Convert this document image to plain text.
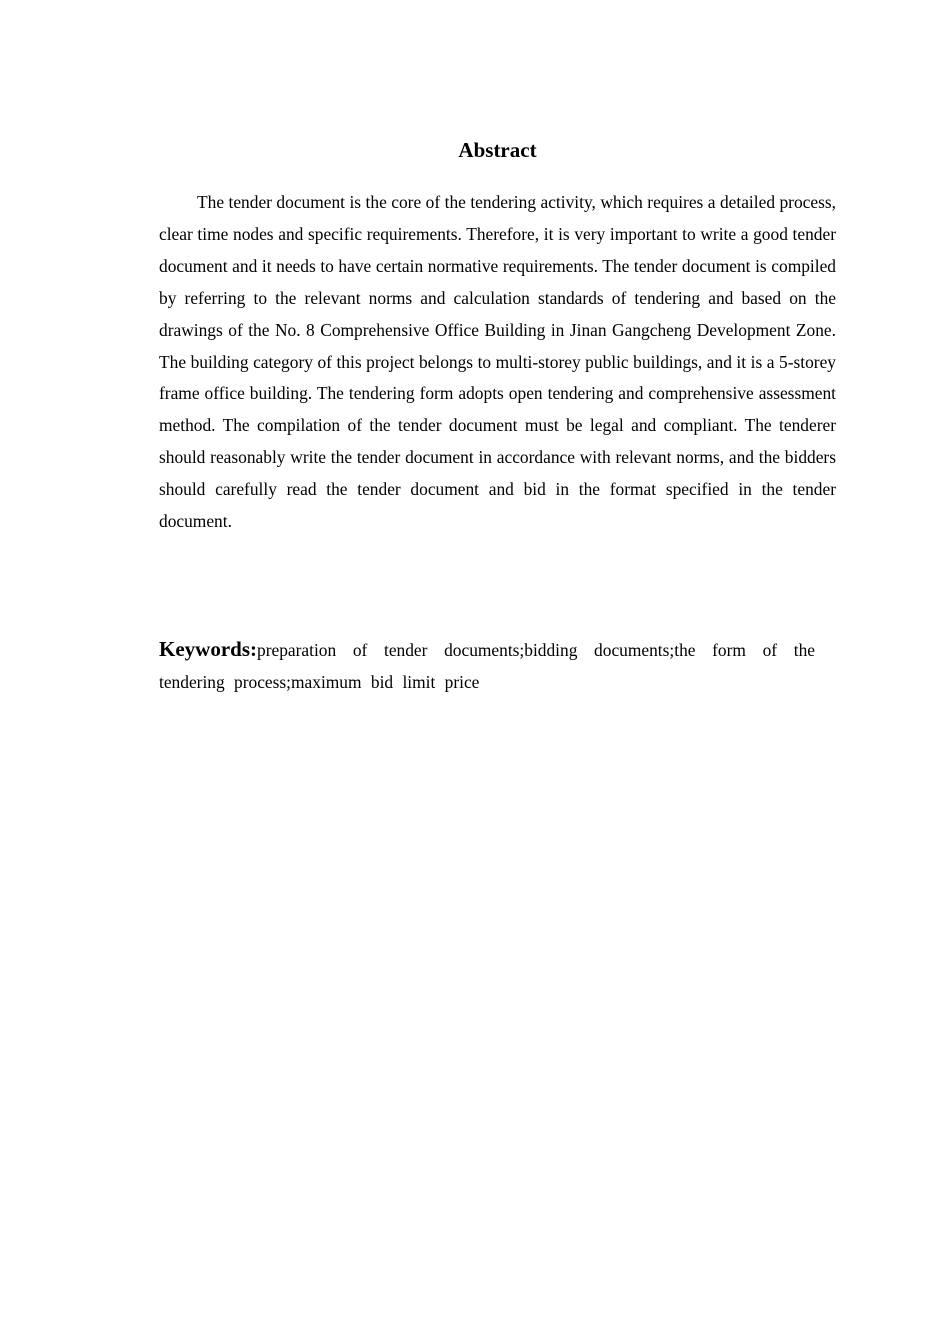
Abstract

The tender document is the core of the tendering activity, which requires a detailed process, clear time nodes and specific requirements. Therefore, it is very important to write a good tender document and it needs to have certain normative requirements. The tender document is compiled by referring to the relevant norms and calculation standards of tendering and based on the drawings of the No. 8 Comprehensive Office Building in Jinan Gangcheng Development Zone. The building category of this project belongs to multi-storey public buildings, and it is a 5-storey frame office building. The tendering form adopts open tendering and comprehensive assessment method. The compilation of the tender document must be legal and compliant. The tenderer should reasonably write the tender document in accordance with relevant norms, and the bidders should carefully read the tender document and bid in the format specified in the tender document.

Keywords:preparation of tender documents;bidding documents;the form of the tendering process;maximum bid limit price
